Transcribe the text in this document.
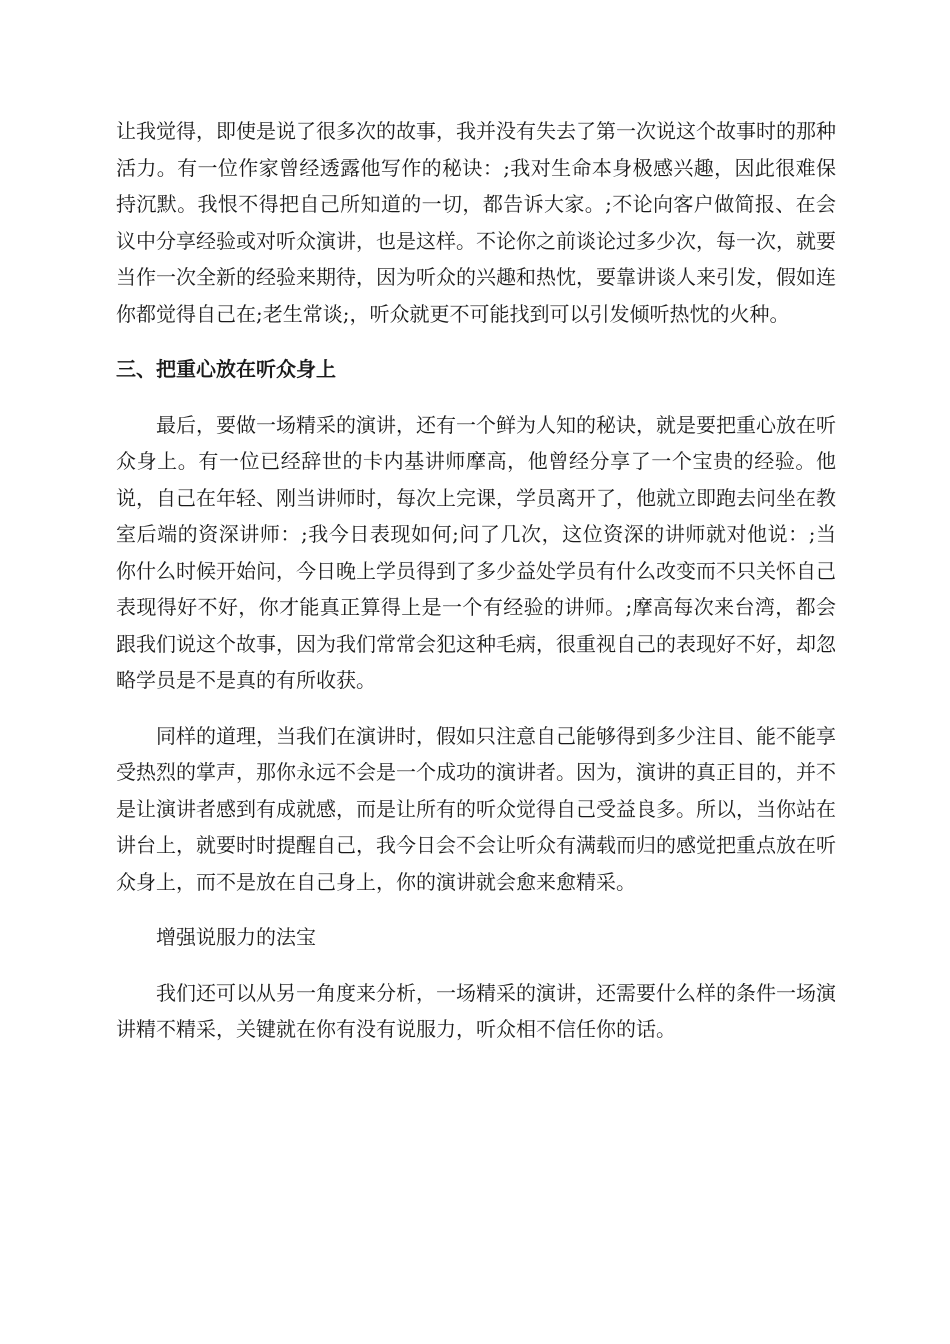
让我觉得，即使是说了很多次的故事，我并没有失去了第一次说这个故事时的那种活力。有一位作家曾经透露他写作的秘诀：;我对生命本身极感兴趣，因此很难保持沉默。我恨不得把自己所知道的一切，都告诉大家。;不论向客户做简报、在会议中分享经验或对听众演讲，也是这样。不论你之前谈论过多少次，每一次，就要当作一次全新的经验来期待，因为听众的兴趣和热忱，要靠讲谈人来引发，假如连你都觉得自己在;老生常谈;，听众就更不可能找到可以引发倾听热忱的火种。

三、把重心放在听众身上

最后，要做一场精采的演讲，还有一个鲜为人知的秘诀，就是要把重心放在听众身上。有一位已经辞世的卡内基讲师摩高，他曾经分享了一个宝贵的经验。他说，自己在年轻、刚当讲师时，每次上完课，学员离开了，他就立即跑去问坐在教室后端的资深讲师：;我今日表现如何;问了几次，这位资深的讲师就对他说：;当你什么时候开始问，今日晚上学员得到了多少益处学员有什么改变而不只关怀自己表现得好不好，你才能真正算得上是一个有经验的讲师。;摩高每次来台湾，都会跟我们说这个故事，因为我们常常会犯这种毛病，很重视自己的表现好不好，却忽略学员是不是真的有所收获。

同样的道理，当我们在演讲时，假如只注意自己能够得到多少注目、能不能享受热烈的掌声，那你永远不会是一个成功的演讲者。因为，演讲的真正目的，并不是让演讲者感到有成就感，而是让所有的听众觉得自己受益良多。所以，当你站在讲台上，就要时时提醒自己，我今日会不会让听众有满载而归的感觉把重点放在听众身上，而不是放在自己身上，你的演讲就会愈来愈精采。

增强说服力的法宝

我们还可以从另一角度来分析，一场精采的演讲，还需要什么样的条件一场演讲精不精采，关键就在你有没有说服力，听众相不信任你的话。
